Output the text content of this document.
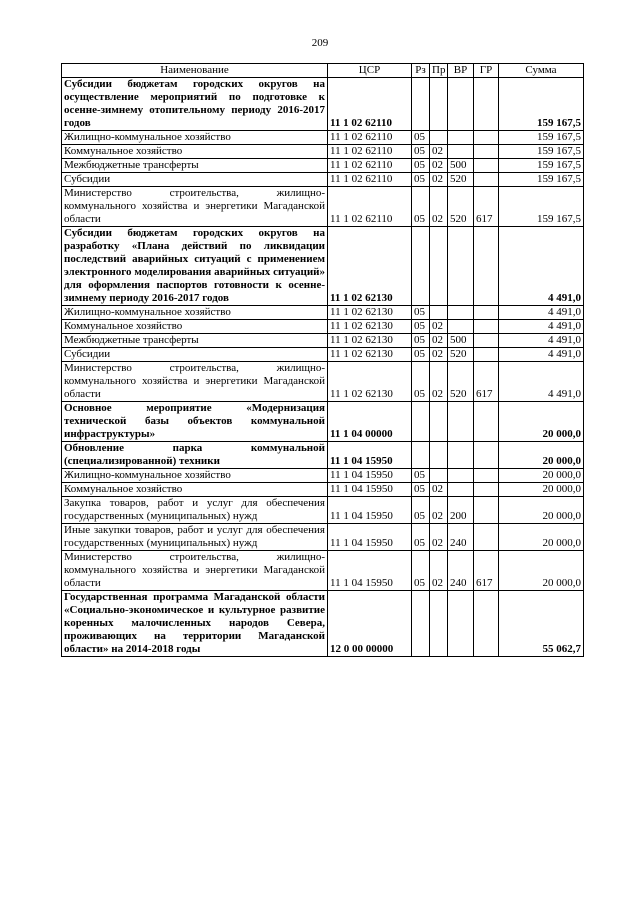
209
Наименование	ЦСР	Рз	Пр	ВР	ГР	Сумма
Субсидии бюджетам городских округов на осуществление мероприятий по подготовке к осенне-зимнему отопительному периоду 2016-2017 годов	11 1 02 62110					159 167,5
Жилищно-коммунальное хозяйство	11 1 02 62110	05				159 167,5
Коммунальное хозяйство	11 1 02 62110	05	02			159 167,5
Межбюджетные трансферты	11 1 02 62110	05	02	500		159 167,5
Субсидии	11 1 02 62110	05	02	520		159 167,5
Министерство строительства, жилищно-коммунального хозяйства и энергетики Магаданской области	11 1 02 62110	05	02	520	617	159 167,5
Субсидии бюджетам городских округов на разработку «Плана действий по ликвидации последствий аварийных ситуаций с применением электронного моделирования аварийных ситуаций» для оформления паспортов готовности к осенне-зимнему периоду 2016-2017 годов	11 1 02 62130					4 491,0
Жилищно-коммунальное хозяйство	11 1 02 62130	05				4 491,0
Коммунальное хозяйство	11 1 02 62130	05	02			4 491,0
Межбюджетные трансферты	11 1 02 62130	05	02	500		4 491,0
Субсидии	11 1 02 62130	05	02	520		4 491,0
Министерство строительства, жилищно-коммунального хозяйства и энергетики Магаданской области	11 1 02 62130	05	02	520	617	4 491,0
Основное мероприятие «Модернизация технической базы объектов коммунальной инфраструктуры»	11 1 04 00000					20 000,0
Обновление парка коммунальной (специализированной) техники	11 1 04 15950					20 000,0
Жилищно-коммунальное хозяйство	11 1 04 15950	05				20 000,0
Коммунальное хозяйство	11 1 04 15950	05	02			20 000,0
Закупка товаров, работ и услуг для обеспечения государственных (муниципальных) нужд	11 1 04 15950	05	02	200		20 000,0
Иные закупки товаров, работ и услуг для обеспечения государственных (муниципальных) нужд	11 1 04 15950	05	02	240		20 000,0
Министерство строительства, жилищно-коммунального хозяйства и энергетики Магаданской области	11 1 04 15950	05	02	240	617	20 000,0
Государственная программа Магаданской области «Социально-экономическое и культурное развитие коренных малочисленных народов Севера, проживающих на территории Магаданской области» на 2014-2018 годы	12 0 00 00000					55 062,7
